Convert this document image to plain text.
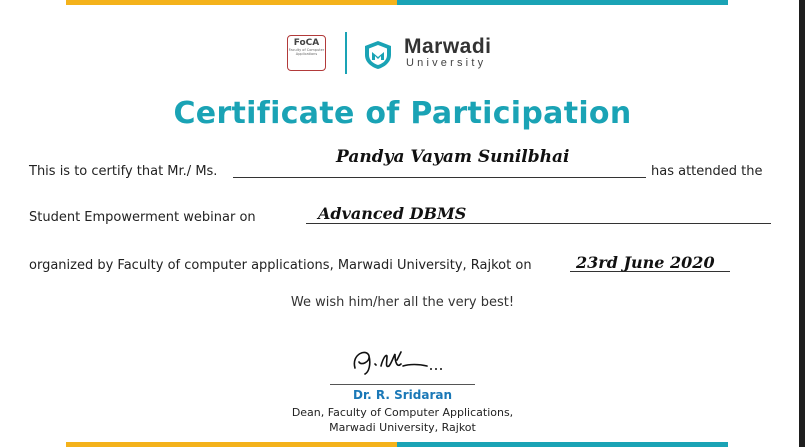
FoCA
Faculty of Computer Applications	Marwadi
University
Certificate of Participation
This is to certify that Mr./ Ms.
Pandya Vayam Sunilbhai
has attended the
Student Empowerment webinar on	Advanced DBMS
organized by Faculty of computer applications, Marwadi University, Rajkot on	23rd June 2020
We wish him/her all the very best!
Dr. R. Sridaran
Dean, Faculty of Computer Applications,
Marwadi University, Rajkot
